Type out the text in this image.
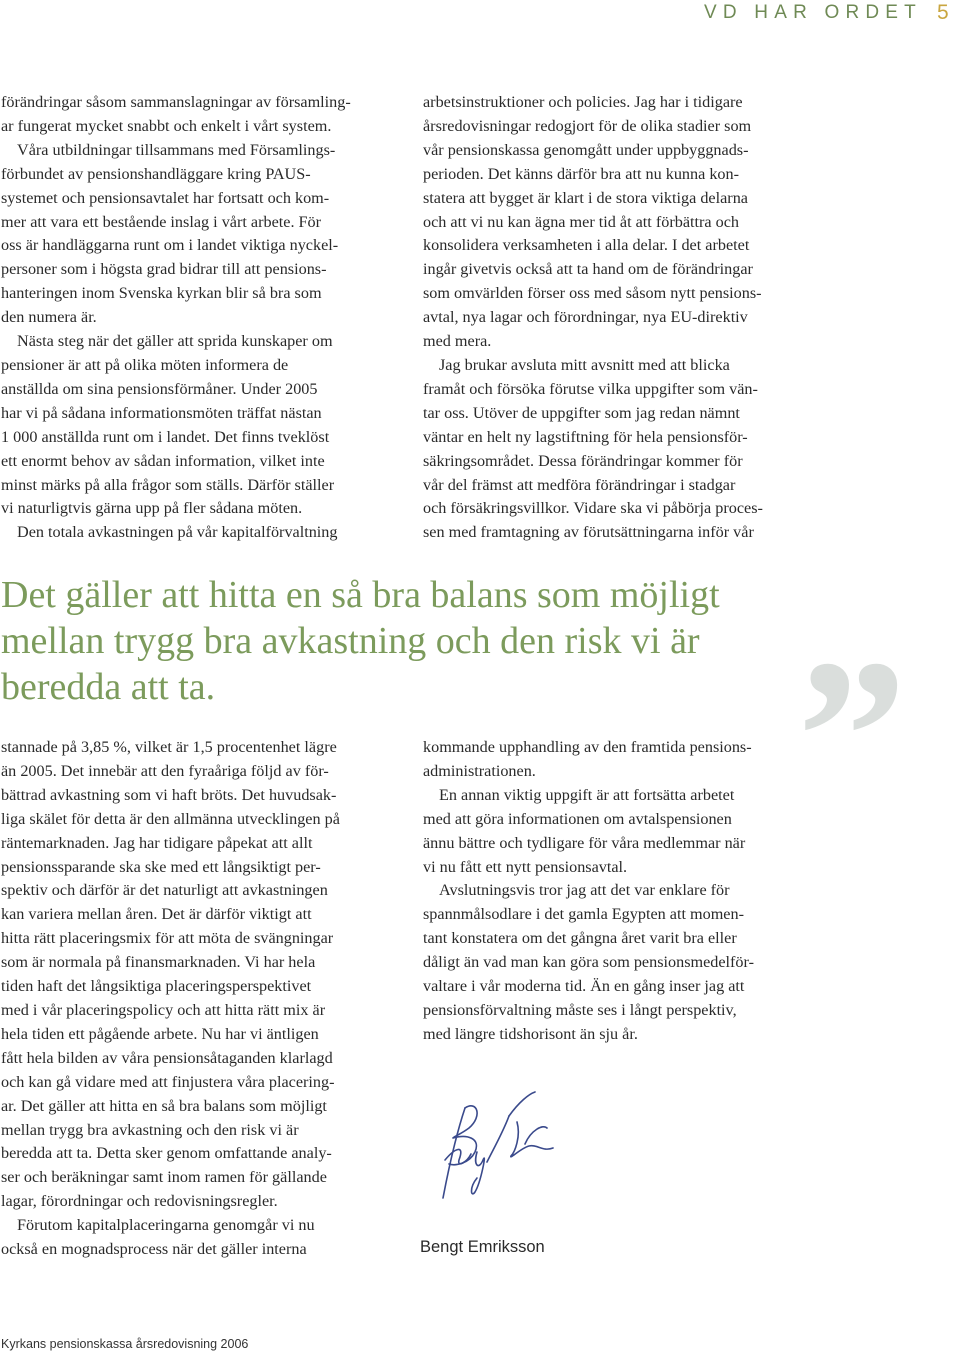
VD HAR ORDET 5

förändringar såsom sammanslagningar av församling-
ar fungerat mycket snabbt och enkelt i vårt system.

Våra utbildningar tillsammans med Församlings-
förbundet av pensionshandläggare kring PAUS-
systemet och pensionsavtalet har fortsatt och kom-
mer att vara ett bestående inslag i vårt arbete. För
oss är handläggarna runt om i landet viktiga nyckel-
personer som i högsta grad bidrar till att pensions-
hanteringen inom Svenska kyrkan blir så bra som
den numera är.

Nästa steg när det gäller att sprida kunskaper om
pensioner är att på olika möten informera de
anställda om sina pensionsförmåner. Under 2005
har vi på sådana informationsmöten träffat nästan
1 000 anställda runt om i landet. Det finns tveklöst
ett enormt behov av sådan information, vilket inte
minst märks på alla frågor som ställs. Därför ställer
vi naturligtvis gärna upp på fler sådana möten.

Den totala avkastningen på vår kapitalförvaltning

arbetsinstruktioner och policies. Jag har i tidigare
årsredovisningar redogjort för de olika stadier som
vår pensionskassa genomgått under uppbyggnads-
perioden. Det känns därför bra att nu kunna kon-
statera att bygget är klart i de stora viktiga delarna
och att vi nu kan ägna mer tid åt att förbättra och
konsolidera verksamheten i alla delar. I det arbetet
ingår givetvis också att ta hand om de förändringar
som omvärlden förser oss med såsom nytt pensions-
avtal, nya lagar och förordningar, nya EU-direktiv
med mera.

Jag brukar avsluta mitt avsnitt med att blicka
framåt och försöka förutse vilka uppgifter som vän-
tar oss. Utöver de uppgifter som jag redan nämnt
väntar en helt ny lagstiftning för hela pensionsför-
säkringsområdet. Dessa förändringar kommer för
vår del främst att medföra förändringar i stadgar
och försäkringsvillkor. Vidare ska vi påbörja proces-
sen med framtagning av förutsättningarna inför vår

Det gäller att hitta en så bra balans som möjligt
mellan trygg bra avkastning och den risk vi är
beredda att ta.	”

stannade på 3,85 %, vilket är 1,5 procentenhet lägre
än 2005. Det innebär att den fyraåriga följd av för-
bättrad avkastning som vi haft bröts. Det huvudsak-
liga skälet för detta är den allmänna utvecklingen på
räntemarknaden. Jag har tidigare påpekat att allt
pensionssparande ska ske med ett långsiktigt per-
spektiv och därför är det naturligt att avkastningen
kan variera mellan åren. Det är därför viktigt att
hitta rätt placeringsmix för att möta de svängningar
som är normala på finansmarknaden. Vi har hela
tiden haft det långsiktiga placeringsperspektivet
med i vår placeringspolicy och att hitta rätt mix är
hela tiden ett pågående arbete. Nu har vi äntligen
fått hela bilden av våra pensionsåtaganden klarlagd
och kan gå vidare med att finjustera våra placering-
ar. Det gäller att hitta en så bra balans som möjligt
mellan trygg bra avkastning och den risk vi är
beredda att ta. Detta sker genom omfattande analy-
ser och beräkningar samt inom ramen för gällande
lagar, förordningar och redovisningsregler.

Förutom kapitalplaceringarna genomgår vi nu
också en mognadsprocess när det gäller interna

kommande upphandling av den framtida pensions-
administrationen.

En annan viktig uppgift är att fortsätta arbetet
med att göra informationen om avtalspensionen
ännu bättre och tydligare för våra medlemmar när
vi nu fått ett nytt pensionsavtal.

Avslutningsvis tror jag att det var enklare för
spannmålsodlare i det gamla Egypten att momen-
tant konstatera om det gångna året varit bra eller
dåligt än vad man kan göra som pensionsmedelför-
valtare i vår moderna tid. Än en gång inser jag att
pensionsförvaltning måste ses i långt perspektiv,
med längre tidshorisont än sju år.

Bengt Emriksson
Kyrkans pensionskassa årsredovisning 2006
